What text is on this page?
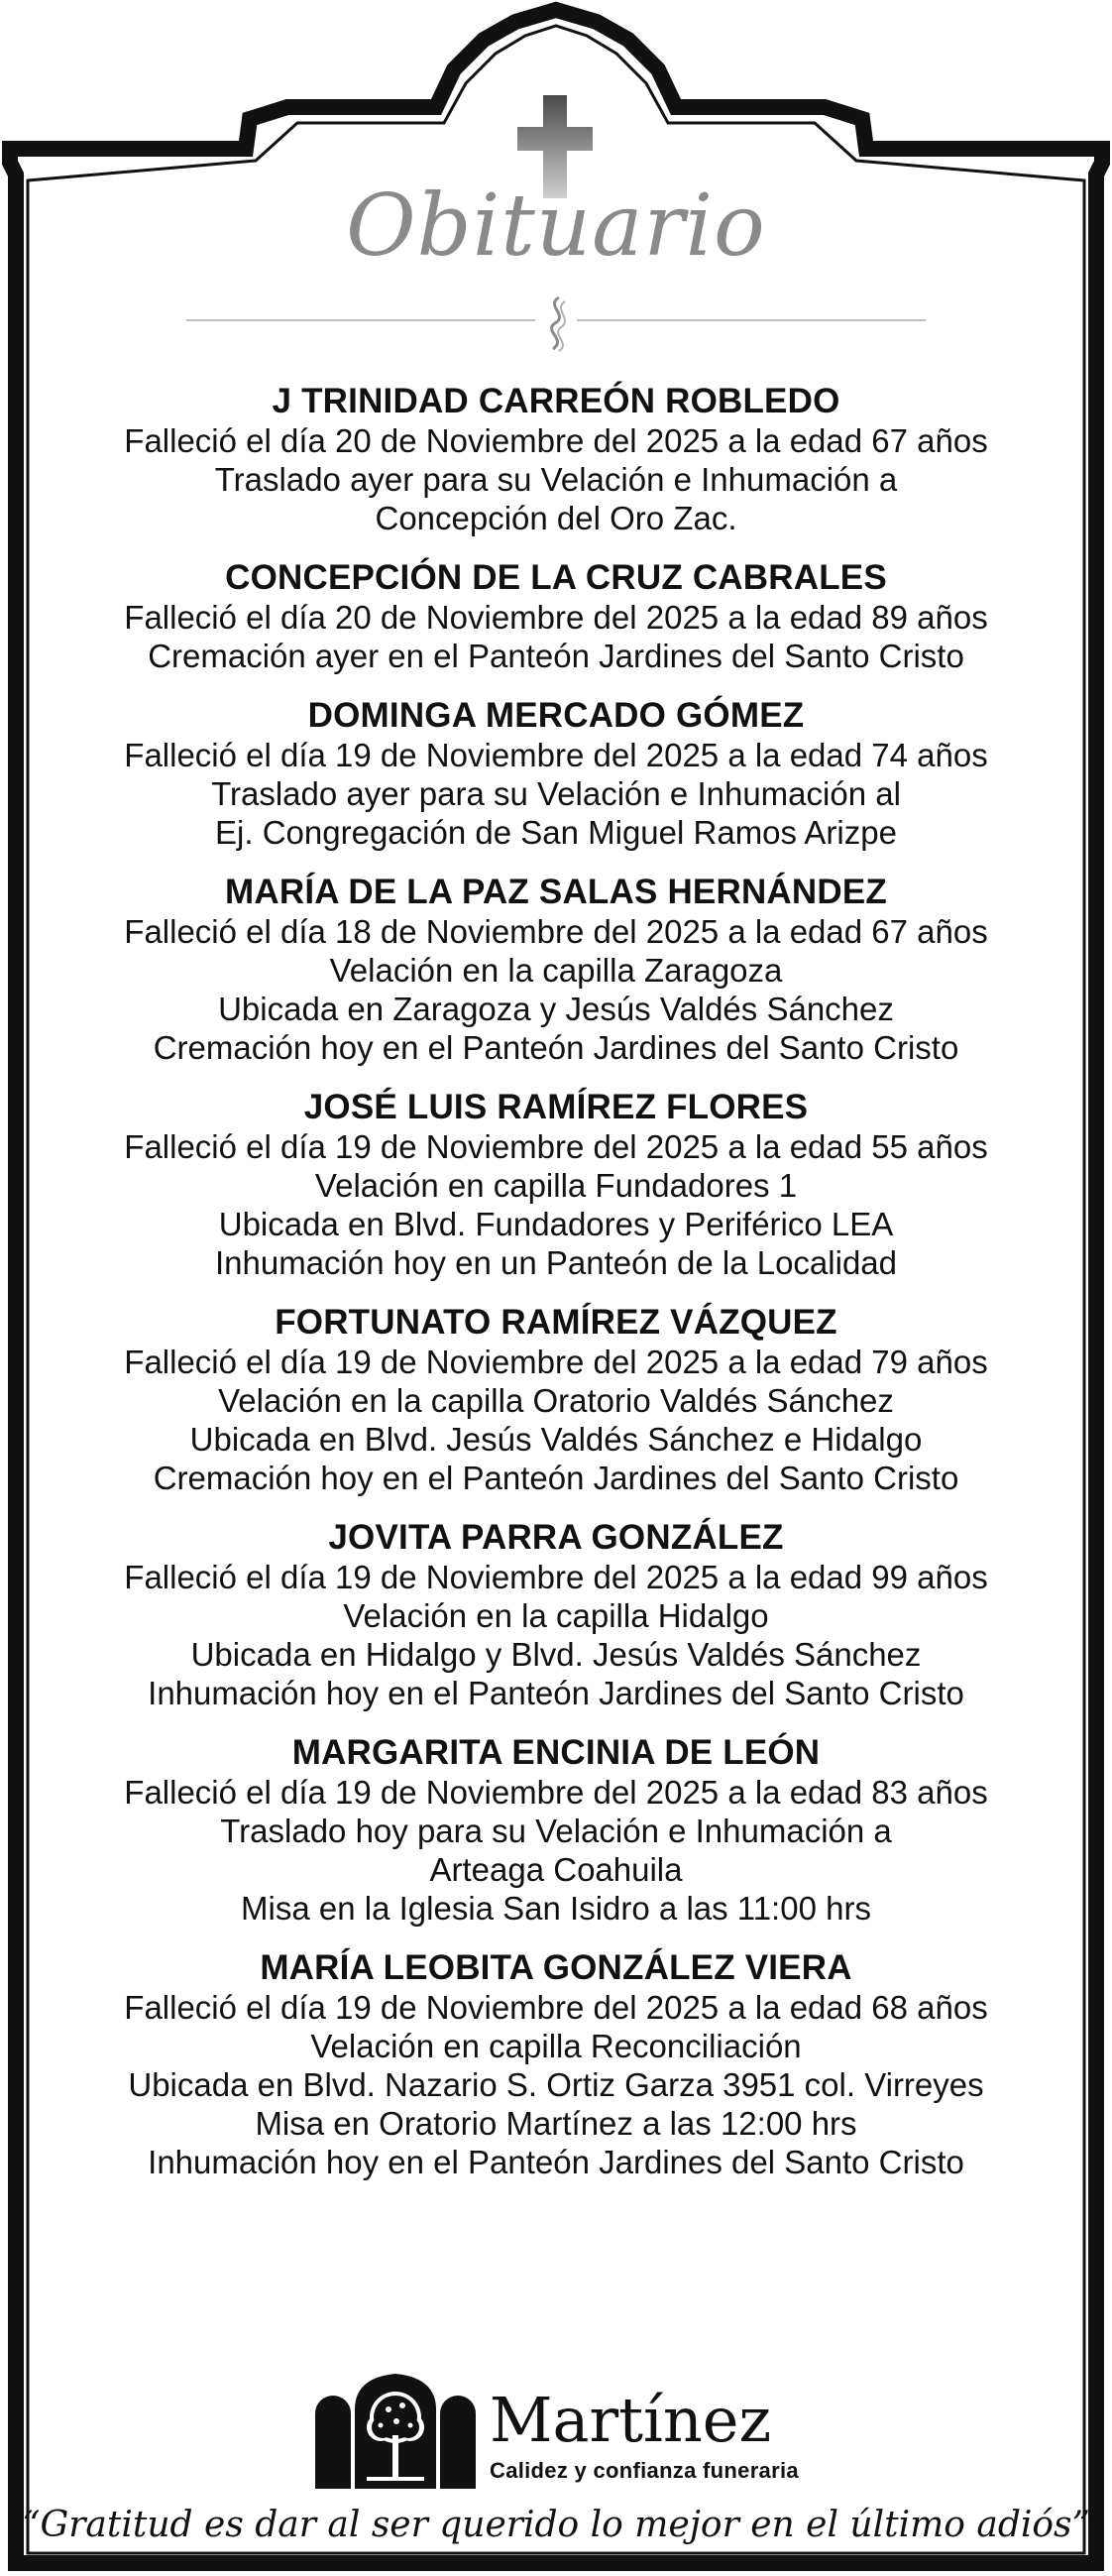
Obituario
J TRINIDAD CARREÓN ROBLEDO
Falleció el día 20 de Noviembre del 2025 a la edad 67 años
Traslado ayer para su Velación e Inhumación a
Concepción del Oro Zac.
CONCEPCIÓN DE LA CRUZ CABRALES
Falleció el día 20 de Noviembre del 2025 a la edad 89 años
Cremación ayer en el Panteón Jardines del Santo Cristo
DOMINGA MERCADO GÓMEZ
Falleció el día 19 de Noviembre del 2025 a la edad 74 años
Traslado ayer para su Velación e Inhumación al
Ej. Congregación de San Miguel Ramos Arizpe
MARÍA DE LA PAZ SALAS HERNÁNDEZ
Falleció el día 18 de Noviembre del 2025 a la edad 67 años
Velación en la capilla Zaragoza
Ubicada en Zaragoza y Jesús Valdés Sánchez
Cremación hoy en el Panteón Jardines del Santo Cristo
JOSÉ LUIS RAMÍREZ FLORES
Falleció el día 19 de Noviembre del 2025 a la edad 55 años
Velación en capilla Fundadores 1
Ubicada en Blvd. Fundadores y Periférico LEA
Inhumación hoy en un Panteón de la Localidad
FORTUNATO RAMÍREZ VÁZQUEZ
Falleció el día 19 de Noviembre del 2025 a la edad 79 años
Velación en la capilla Oratorio Valdés Sánchez
Ubicada en Blvd. Jesús Valdés Sánchez e Hidalgo
Cremación hoy en el Panteón Jardines del Santo Cristo
JOVITA PARRA GONZÁLEZ
Falleció el día 19 de Noviembre del 2025 a la edad 99 años
Velación en la capilla Hidalgo
Ubicada en Hidalgo y Blvd. Jesús Valdés Sánchez
Inhumación hoy en el Panteón Jardines del Santo Cristo
MARGARITA ENCINIA DE LEÓN
Falleció el día 19 de Noviembre del 2025 a la edad 83 años
Traslado hoy para su Velación e Inhumación a
Arteaga Coahuila
Misa en la Iglesia San Isidro a las 11:00 hrs
MARÍA LEOBITA GONZÁLEZ VIERA
Falleció el día 19 de Noviembre del 2025 a la edad 68 años
Velación en capilla Reconciliación
Ubicada en Blvd. Nazario S. Ortiz Garza 3951 col. Virreyes
Misa en Oratorio Martínez a las 12:00 hrs
Inhumación hoy en el Panteón Jardines del Santo Cristo
Martínez
Calidez y confianza funeraria
“Gratitud es dar al ser querido lo mejor en el último adiós”
